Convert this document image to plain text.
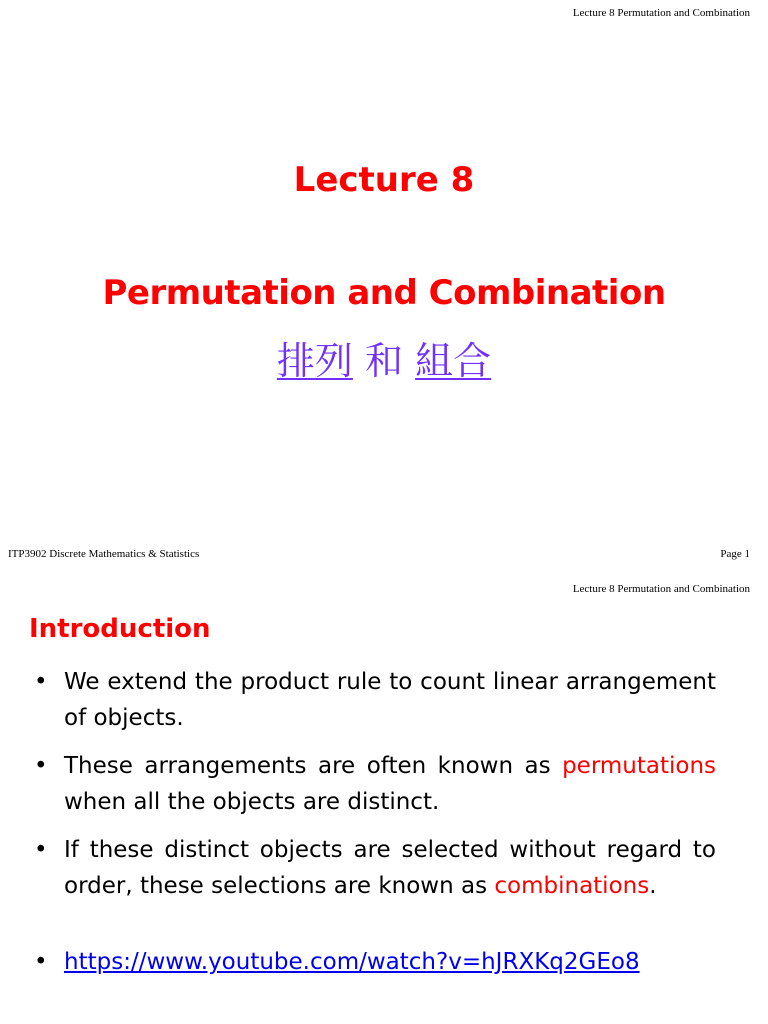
Lecture 8 Permutation and Combination
Lecture 8
Permutation and Combination
排列 和 組合
ITP3902 Discrete Mathematics & Statistics	Page 1
Lecture 8 Permutation and Combination
Introduction
• We extend the product rule to count linear arrangement of objects.
• These arrangements are often known as permutations when all the objects are distinct.
• If these distinct objects are selected without regard to order, these selections are known as combinations.
• https://www.youtube.com/watch?v=hJRXKq2GEo8
